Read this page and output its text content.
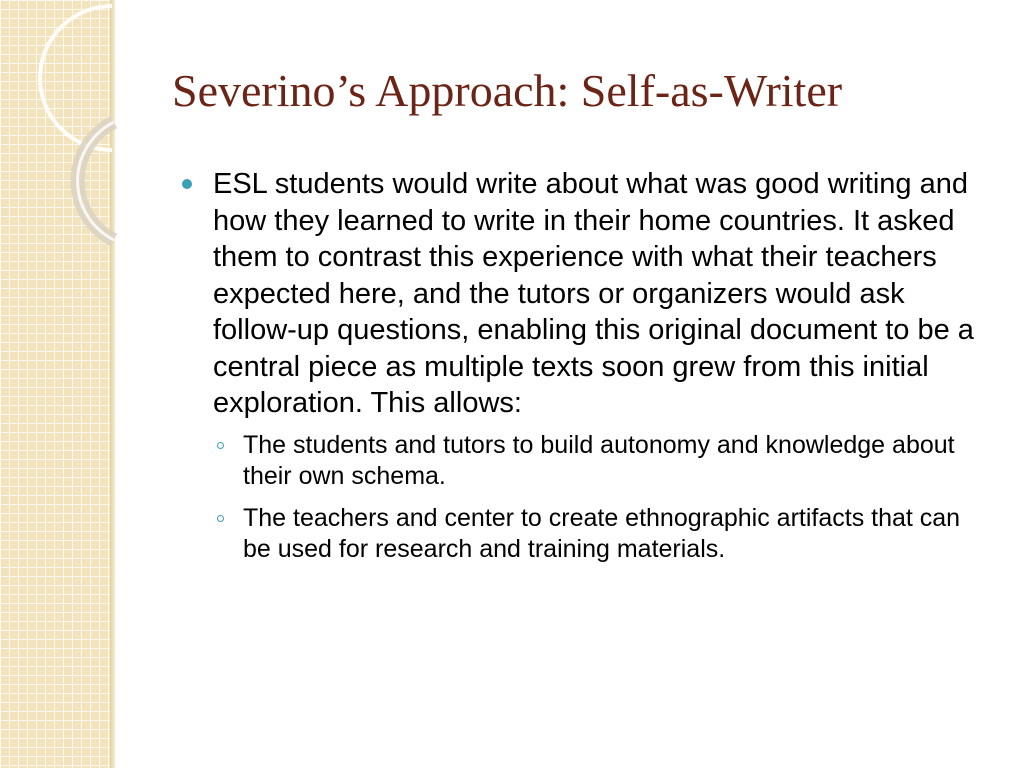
Severino’s Approach: Self-as-Writer
ESL students would write about what was good writing and how they learned to write in their home countries. It asked them to contrast this experience with what their teachers expected here, and the tutors or organizers would ask follow-up questions, enabling this original document to be a central piece as multiple texts soon grew from this initial exploration. This allows:
The students and tutors to build autonomy and knowledge about their own schema.
The teachers and center to create ethnographic artifacts that can be used for research and training materials.
